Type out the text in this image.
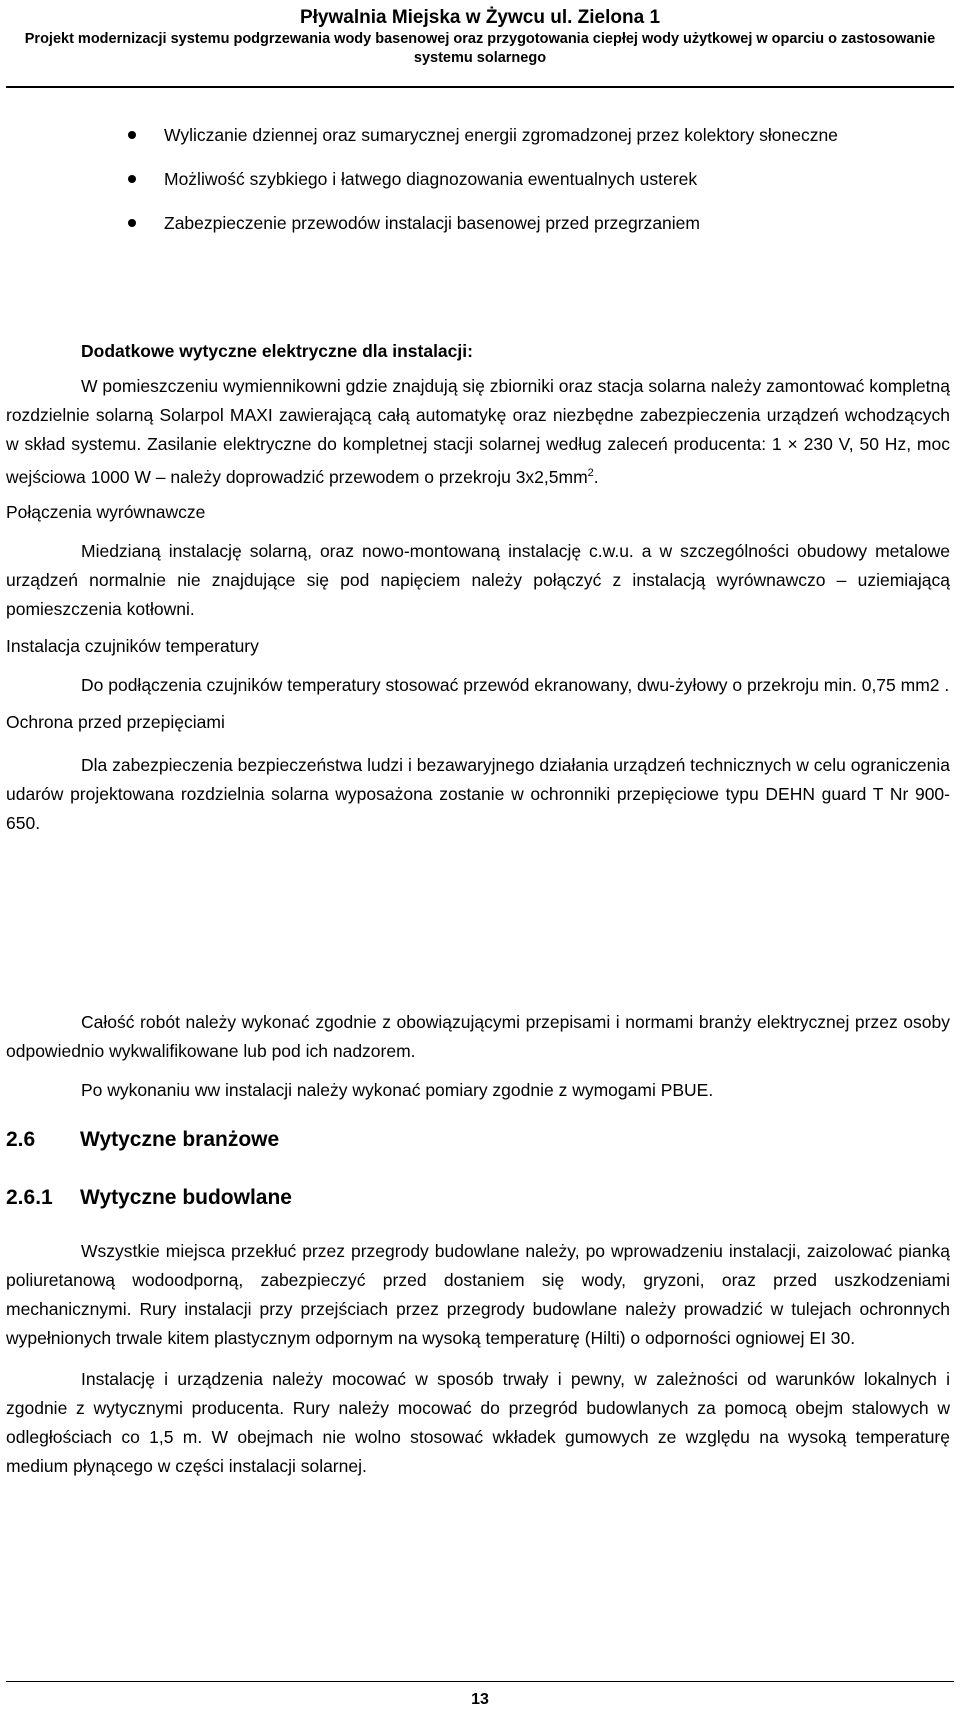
Pływalnia Miejska w Żywcu ul. Zielona 1
Projekt modernizacji systemu podgrzewania wody basenowej oraz przygotowania ciepłej wody użytkowej w oparciu o zastosowanie
systemu solarnego
Wyliczanie dziennej oraz sumarycznej energii zgromadzonej przez kolektory słoneczne
Możliwość szybkiego i łatwego diagnozowania ewentualnych usterek
Zabezpieczenie przewodów instalacji basenowej przed przegrzaniem

Dodatkowe wytyczne elektryczne dla instalacji:

W pomieszczeniu wymiennikowni gdzie znajdują się zbiorniki oraz stacja solarna należy zamontować kompletną rozdzielnie solarną Solarpol MAXI zawierającą całą automatykę oraz niezbędne zabezpieczenia urządzeń wchodzących w skład systemu. Zasilanie elektryczne do kompletnej stacji solarnej według zaleceń producenta: 1 × 230 V, 50 Hz, moc wejściowa 1000 W – należy doprowadzić przewodem o przekroju $3x2,5mm^2$.

Połączenia wyrównawcze

Miedzianą instalację solarną, oraz nowo-montowaną instalację c.w.u. a w szczególności obudowy metalowe urządzeń normalnie nie znajdujące się pod napięciem należy połączyć z instalacją wyrównawczo – uziemiającą pomieszczenia kotłowni.

Instalacja czujników temperatury

Do podłączenia czujników temperatury stosować przewód ekranowany, dwu-żyłowy o przekroju min. 0,75 mm2 .

Ochrona przed przepięciami

Dla zabezpieczenia bezpieczeństwa ludzi i bezawaryjnego działania urządzeń technicznych w celu ograniczenia udarów projektowana rozdzielnia solarna wyposażona zostanie w ochronniki przepięciowe typu DEHN guard T Nr 900-650.

Całość robót należy wykonać zgodnie z obowiązującymi przepisami i normami branży elektrycznej przez osoby odpowiednio wykwalifikowane lub pod ich nadzorem.

Po wykonaniu ww instalacji należy wykonać pomiary zgodnie z wymogami PBUE.

2.6 Wytyczne branżowe
2.6.1 Wytyczne budowlane

Wszystkie miejsca przekłuć przez przegrody budowlane należy, po wprowadzeniu instalacji, zaizolować pianką poliuretanową wodoodporną, zabezpieczyć przed dostaniem się wody, gryzoni, oraz przed uszkodzeniami mechanicznymi. Rury instalacji przy przejściach przez przegrody budowlane należy prowadzić w tulejach ochronnych wypełnionych trwale kitem plastycznym odpornym na wysoką temperaturę (Hilti) o odporności ogniowej EI 30.

Instalację i urządzenia należy mocować w sposób trwały i pewny, w zależności od warunków lokalnych i zgodnie z wytycznymi producenta. Rury należy mocować do przegród budowlanych za pomocą obejm stalowych w odległościach co 1,5 m. W obejmach nie wolno stosować wkładek gumowych ze względu na wysoką temperaturę medium płynącego w części instalacji solarnej.

13
